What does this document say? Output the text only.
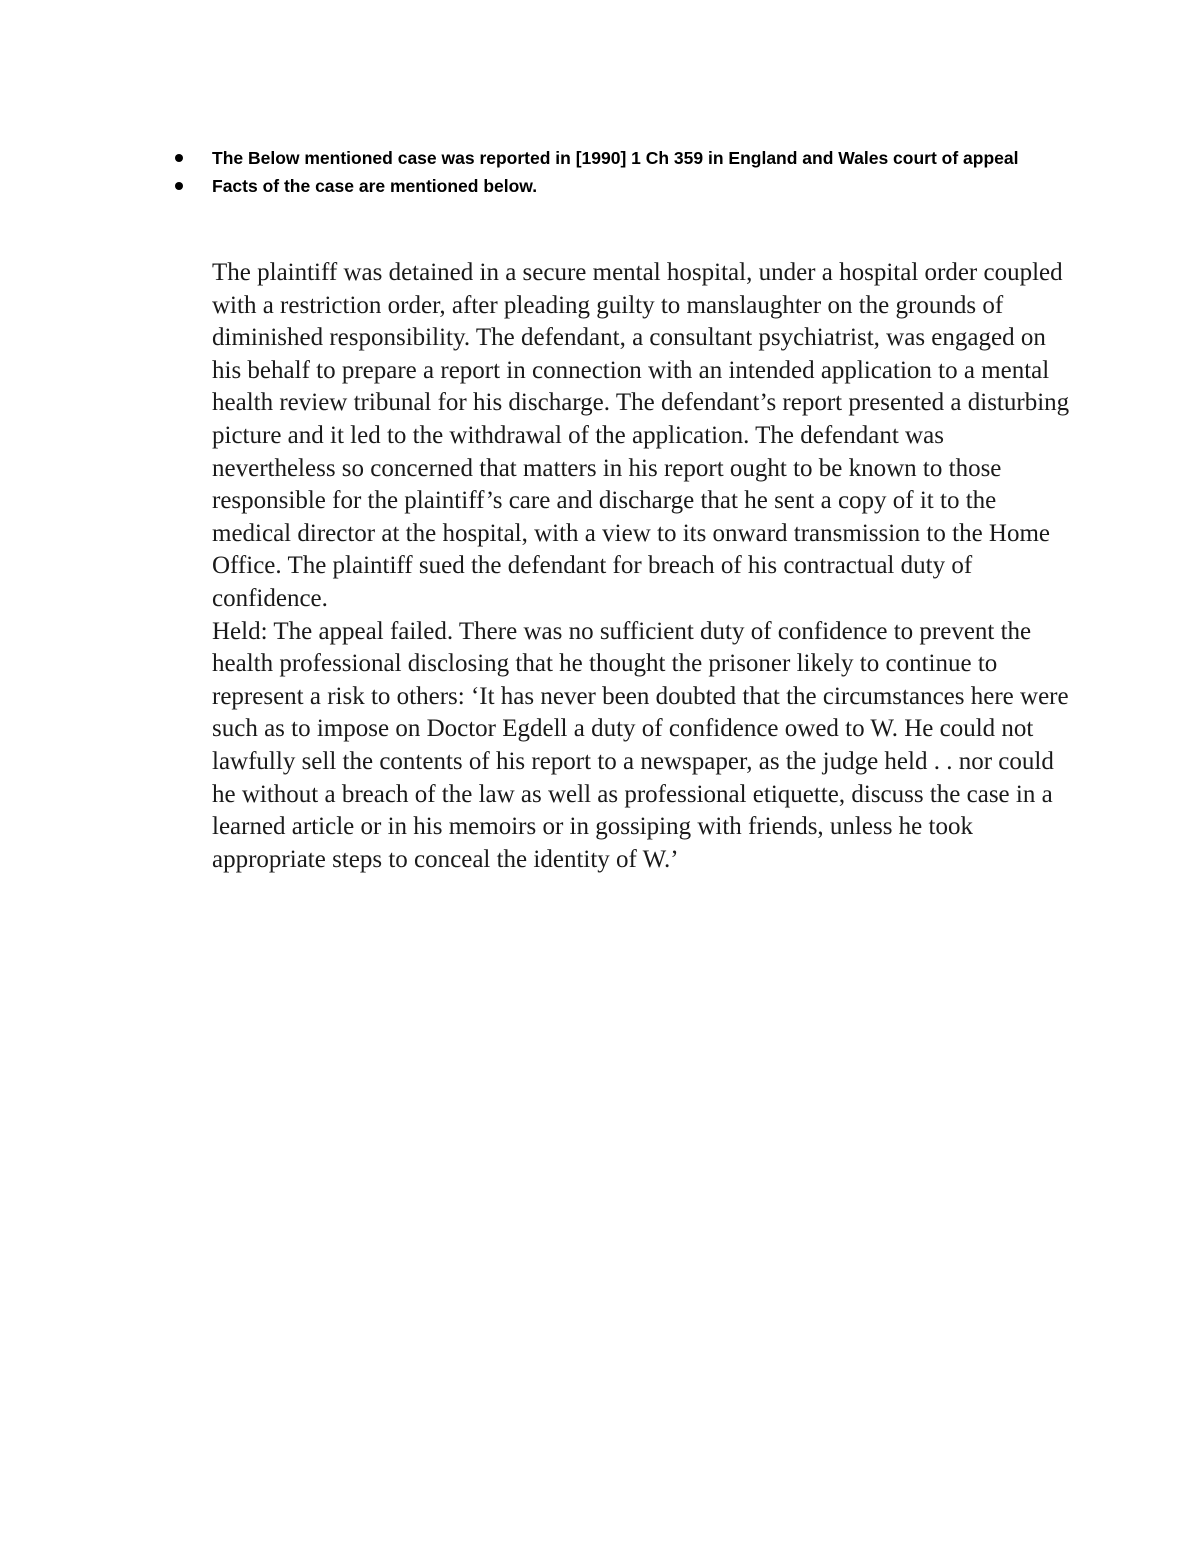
The Below mentioned case was reported in [1990] 1 Ch 359 in England and Wales court of appeal
Facts of the case are mentioned below.
The plaintiff was detained in a secure mental hospital, under a hospital order coupled with a restriction order, after pleading guilty to manslaughter on the grounds of diminished responsibility. The defendant, a consultant psychiatrist, was engaged on his behalf to prepare a report in connection with an intended application to a mental health review tribunal for his discharge. The defendant’s report presented a disturbing picture and it led to the withdrawal of the application. The defendant was nevertheless so concerned that matters in his report ought to be known to those responsible for the plaintiff’s care and discharge that he sent a copy of it to the medical director at the hospital, with a view to its onward transmission to the Home Office. The plaintiff sued the defendant for breach of his contractual duty of confidence.
Held: The appeal failed. There was no sufficient duty of confidence to prevent the health professional disclosing that he thought the prisoner likely to continue to represent a risk to others: ‘It has never been doubted that the circumstances here were such as to impose on Doctor Egdell a duty of confidence owed to W. He could not lawfully sell the contents of his report to a newspaper, as the judge held . . nor could he without a breach of the law as well as professional etiquette, discuss the case in a learned article or in his memoirs or in gossiping with friends, unless he took appropriate steps to conceal the identity of W.’
